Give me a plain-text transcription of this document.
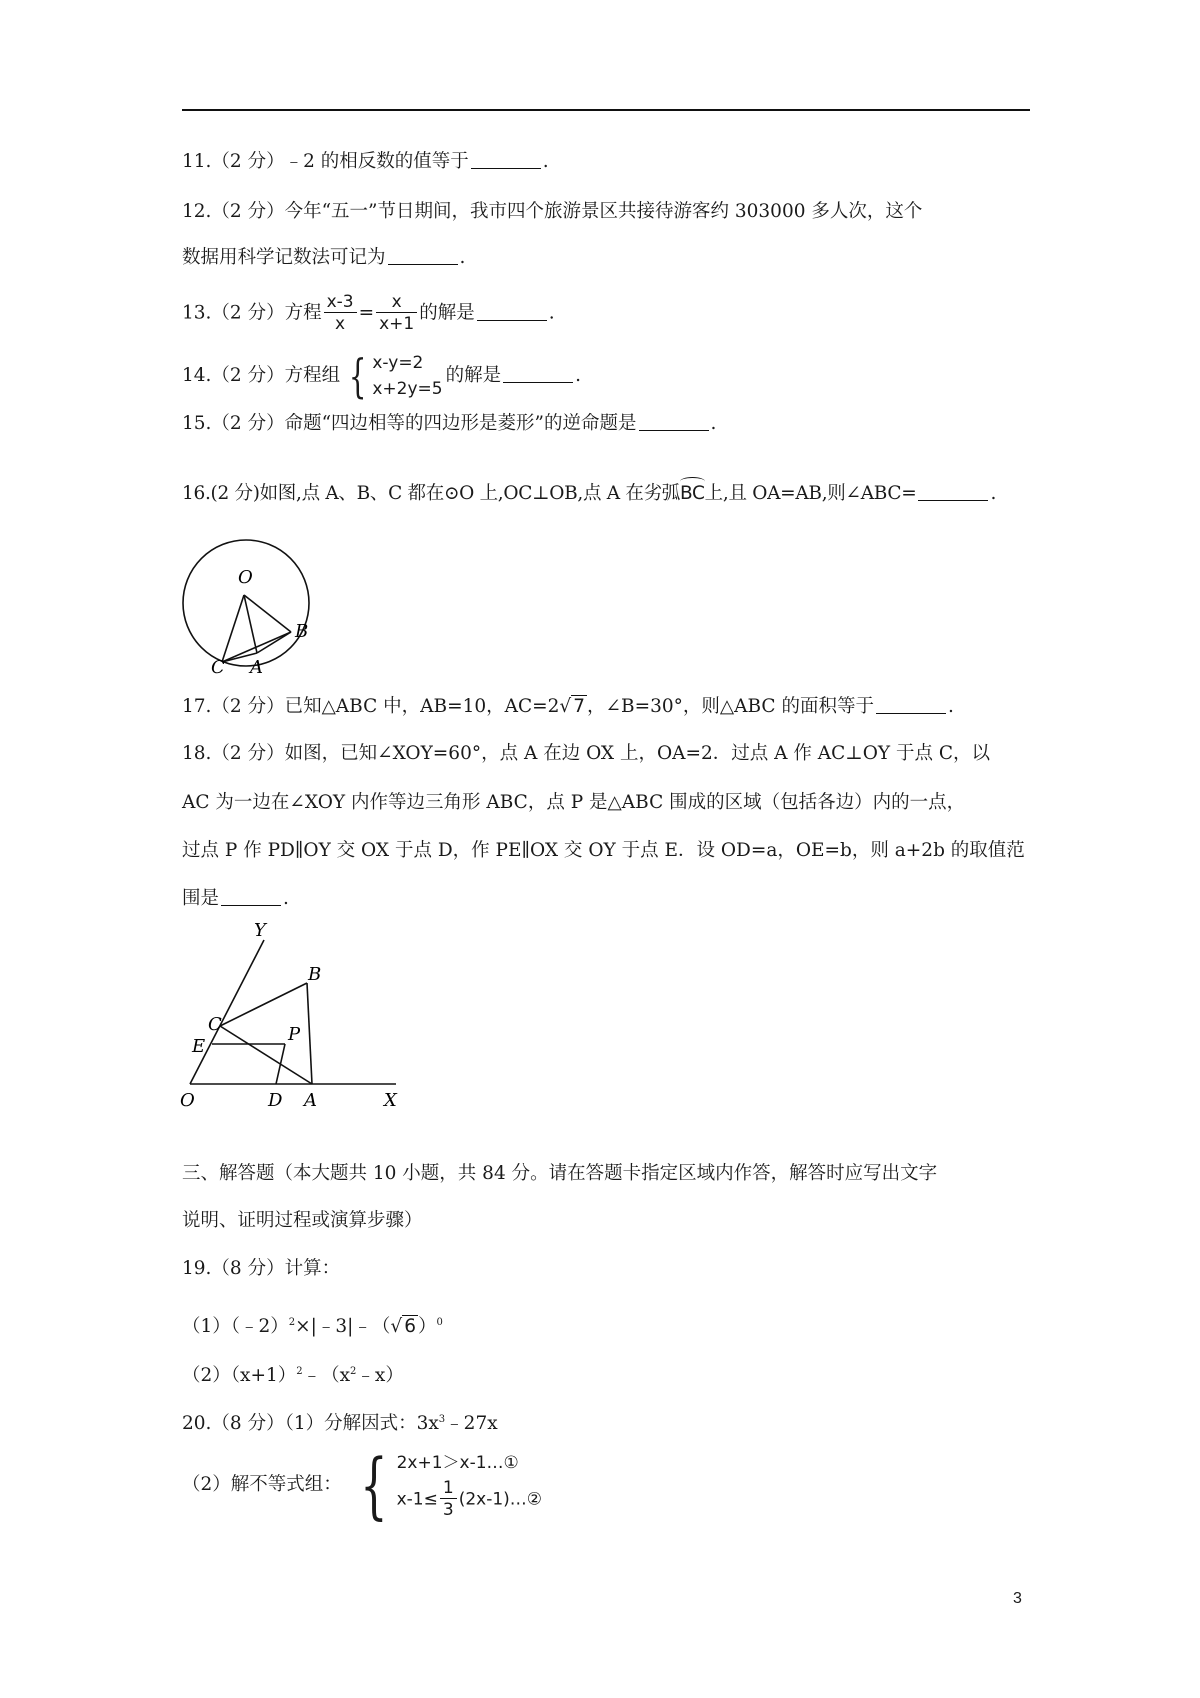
11.（2 分）﹣2 的相反数的值等于	.
12.（2 分）今年“五一”节日期间，我市四个旅游景区共接待游客约 303000 多人次，这个
数据用科学记数法可记为	.
13.（2 分）方程 $\frac{x-3}{x} = \frac{x}{x+1}$ 的解是	.
14.（2 分）方程组 { x-y=2
x+2y=5
的解是	.
15.（2 分）命题“四边相等的四边形是菱形”的逆命题是	.
16.(2 分)如图,点 A、B、C 都在⊙O 上,OC⊥OB,点 A 在劣弧BC上,且 OA=AB,则∠ABC=	.
O
B
C A
17.（2 分）已知△ABC 中，AB=10，AC=2√ 7 ，∠B=30°，则△ABC 的面积等于	.
18.（2 分）如图，已知∠XOY=60°，点 A 在边 OX 上，OA=2．过点 A 作 AC⊥OY 于点 C，以
AC 为一边在∠XOY 内作等边三角形 ABC，点 P 是△ABC 围成的区域（包括各边）内的一点，
过点 P 作 PD∥OY 交 OX 于点 D，作 PE∥OX 交 OY 于点 E．设 OD=a，OE=b，则 a+2b 的取值范
围是	.
Y
B
C	P
E
O	D A	X
三、解答题（本大题共 10 小题，共 84 分。请在答题卡指定区域内作答，解答时应写出文字
说明、证明过程或演算步骤）
19.（8 分）计算：
（1）（﹣2）$^2$×|﹣3|﹣（√ 6 ）$^0$
$(2)(x+1)^2﹣(x^2﹣x)$
20.（8 分）（1）分解因式：$3x^3﹣27x$
（2）解不等式组： { 2x+1＞x-1…①
$x-1\le \frac{1}{3}$ (2x-1)…②
3
